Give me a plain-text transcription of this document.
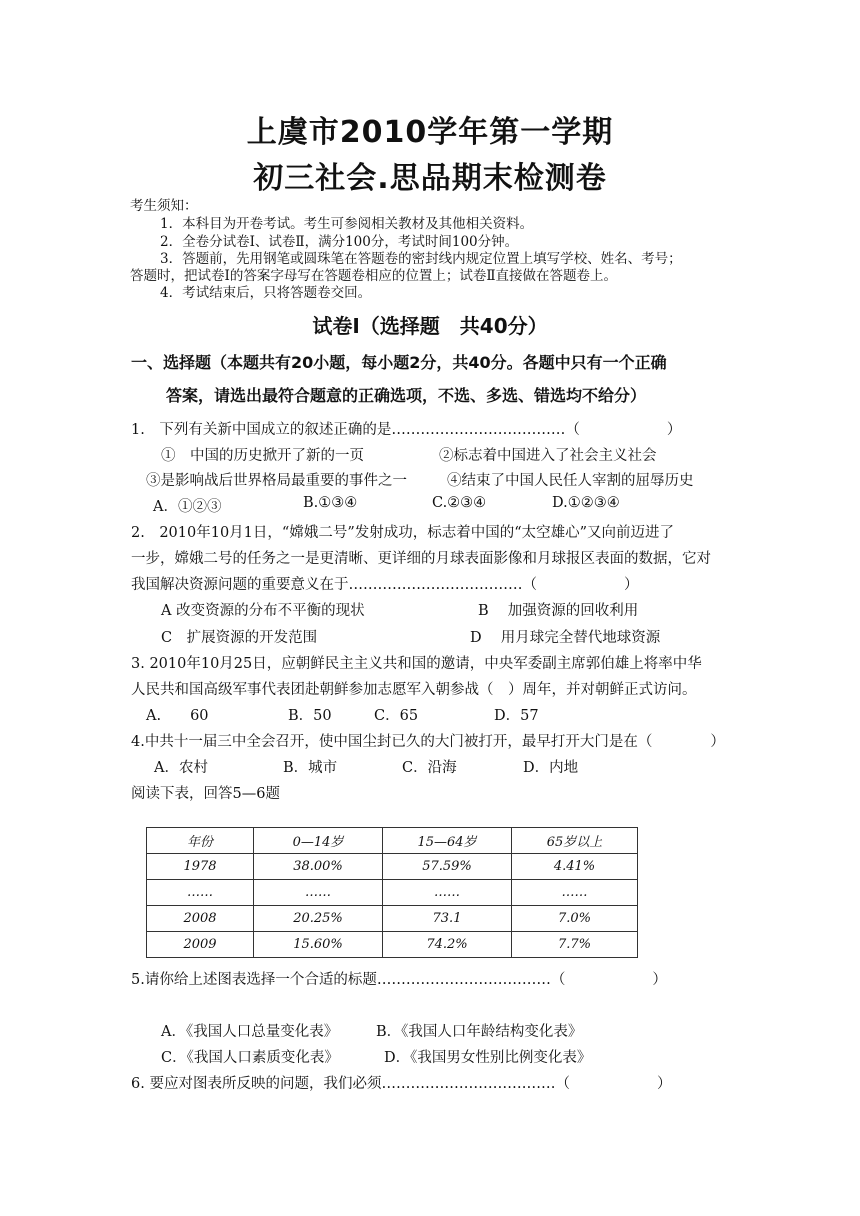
上虞市2010学年第一学期
初三社会.思品期末检测卷
考生须知：
1．本科目为开卷考试。考生可参阅相关教材及其他相关资料。
2．全卷分试卷Ⅰ、试卷Ⅱ，满分100分，考试时间100分钟。
3．答题前，先用钢笔或圆珠笔在答题卷的密封线内规定位置上填写学校、姓名、考号；
答题时，把试卷Ⅰ的答案字母写在答题卷相应的位置上；试卷Ⅱ直接做在答题卷上。
4．考试结束后，只将答题卷交回。
试卷Ⅰ（选择题　共40分）
一、选择题（本题共有20小题，每小题2分，共40分。各题中只有一个正确
答案，请选出最符合题意的正确选项，不选、多选、错选均不给分）
1.　下列有关新中国成立的叙述正确的是………………………………（　　　　　　）
①　中国的历史掀开了新的一页	②标志着中国进入了社会主义社会
③是影响战后世界格局最重要的事件之一	④结束了中国人民任人宰割的屈辱历史
A．①②③	B.①③④	C.②③④	D.①②③④
2.　2010年10月1日，“嫦娥二号”发射成功，标志着中国的“太空雄心”又向前迈进了
一步，嫦娥二号的任务之一是更清晰、更详细的月球表面影像和月球报区表面的数据，它对
我国解决资源问题的重要意义在于………………………………（　　　　　　）
A 改变资源的分布不平衡的现状	B　 加强资源的回收利用
C　扩展资源的开发范围	D　 用月球完全替代地球资源
3. 2010年10月25日，应朝鲜民主主义共和国的邀请，中央军委副主席郭伯雄上将率中华
人民共和国高级军事代表团赴朝鲜参加志愿军入朝参战（　）周年，并对朝鲜正式访问。
A.　　60	B．50	C．65	D．57
4.中共十一届三中全会召开，使中国尘封已久的大门被打开，最早打开大门是在（　　　　）
A．农村	B．城市	C．沿海	D．内地
阅读下表，回答5—6题
年份	0—14岁	15—64岁	65岁以上
1978	38.00%	57.59%	4.41%
……	……	……	……
2008	20.25%	73.1	7.0%
2009	15.60%	74.2%	7.7%
5.请你给上述图表选择一个合适的标题………………………………（　　　　　　）
A．《我国人口总量变化表》	B．《我国人口年龄结构变化表》
C．《我国人口素质变化表》	D．《我国男女性别比例变化表》
6. 要应对图表所反映的问题，我们必须………………………………（　　　　　　）
